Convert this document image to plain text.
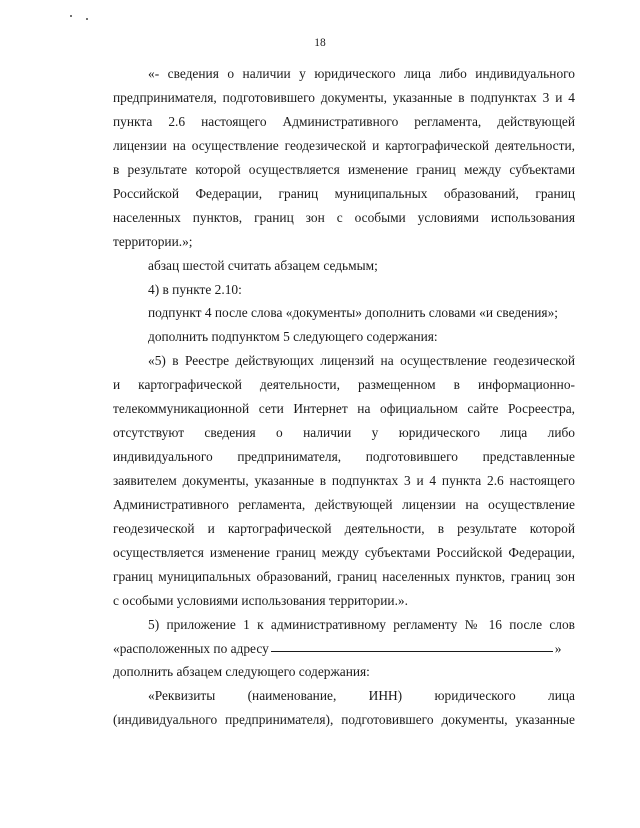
18
«- сведения о наличии у юридического лица либо индивидуального
предпринимателя, подготовившего документы, указанные в подпунктах 3 и 4
пункта 2.6 настоящего Административного регламента, действующей
лицензии на осуществление геодезической и картографической деятельности,
в результате которой осуществляется изменение границ между субъектами
Российской Федерации, границ муниципальных образований, границ
населенных пунктов, границ зон с особыми условиями использования
территории.»;
абзац шестой считать абзацем седьмым;
4) в пункте 2.10:
подпункт 4 после слова «документы» дополнить словами «и сведения»;
дополнить подпунктом 5 следующего содержания:
«5) в Реестре действующих лицензий на осуществление геодезической
и картографической деятельности, размещенном в информационно-
телекоммуникационной сети Интернет на официальном сайте Росреестра,
отсутствуют сведения о наличии у юридического лица либо
индивидуального предпринимателя, подготовившего представленные
заявителем документы, указанные в подпунктах 3 и 4 пункта 2.6 настоящего
Административного регламента, действующей лицензии на осуществление
геодезической и картографической деятельности, в результате которой
осуществляется изменение границ между субъектами Российской Федерации,
границ муниципальных образований, границ населенных пунктов, границ зон
с особыми условиями использования территории.».
5) приложение 1 к административному регламенту № 16 после слов
«расположенных по адресу	»
дополнить абзацем следующего содержания:
«Реквизиты (наименование, ИНН) юридического лица
(индивидуального предпринимателя), подготовившего документы, указанные
